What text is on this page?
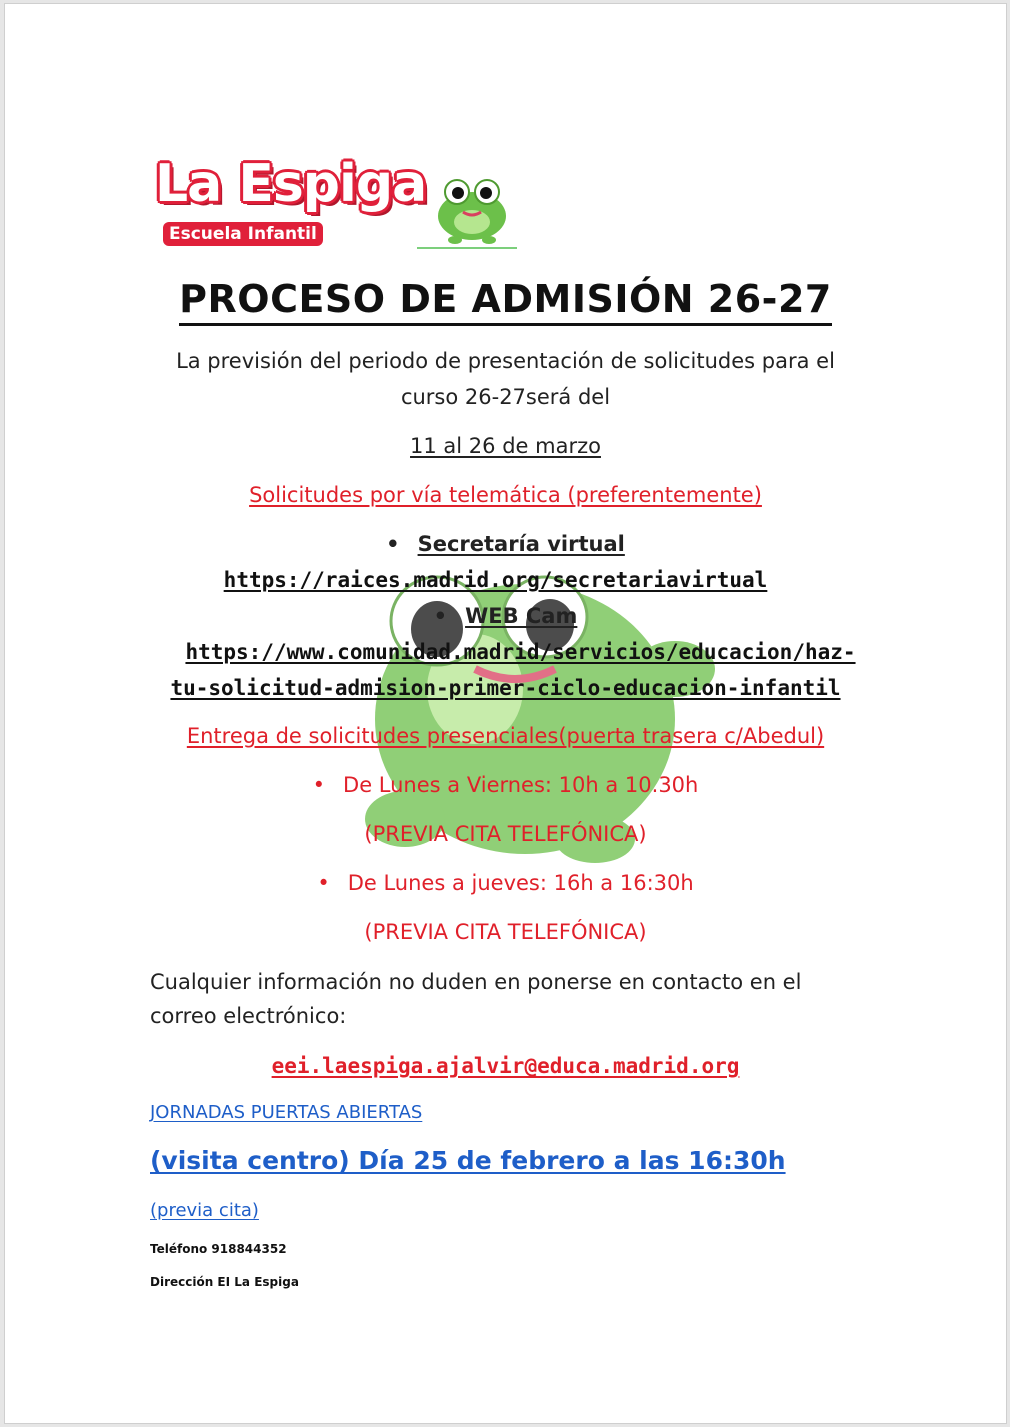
La Espiga
Escuela Infantil
PROCESO DE ADMISIÓN 26-27
La previsión del periodo de presentación de solicitudes para el
curso 26-27será del
11 al 26 de marzo
Solicitudes por vía telemática (preferentemente)
• Secretaría virtual
https://raices.madrid.org/secretariavirtual
• WEB Cam
https://www.comunidad.madrid/servicios/educacion/haz-
tu-solicitud-admision-primer-ciclo-educacion-infantil
Entrega de solicitudes presenciales(puerta trasera c/Abedul)
• De Lunes a Viernes: 10h a 10.30h
(PREVIA CITA TELEFÓNICA)
• De Lunes a jueves: 16h a 16:30h
(PREVIA CITA TELEFÓNICA)
Cualquier información no duden en ponerse en contacto en el
correo electrónico:
eei.laespiga.ajalvir@educa.madrid.org
JORNADAS PUERTAS ABIERTAS
(visita centro) Día 25 de febrero a las 16:30h
(previa cita)
Teléfono 918844352
Dirección EI La Espiga
